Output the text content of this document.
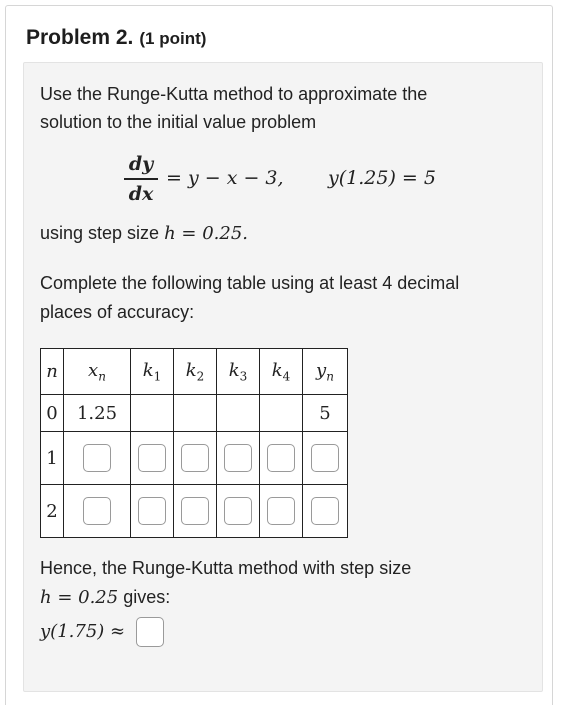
Problem 2. (1 point)
Use the Runge-Kutta method to approximate the
solution to the initial value problem
dy
dx
= y − x − 3, y(1.25) = 5
using step size h = 0.25.
Complete the following table using at least 4 decimal
places of accuracy:
n	$x_n$	$k_1$	$k_2$	$k_3$	$k_4$	$y_n$
0	1.25					5
1						
2						
Hence, the Runge-Kutta method with step size
h = 0.25 gives:
y(1.75) ≈
